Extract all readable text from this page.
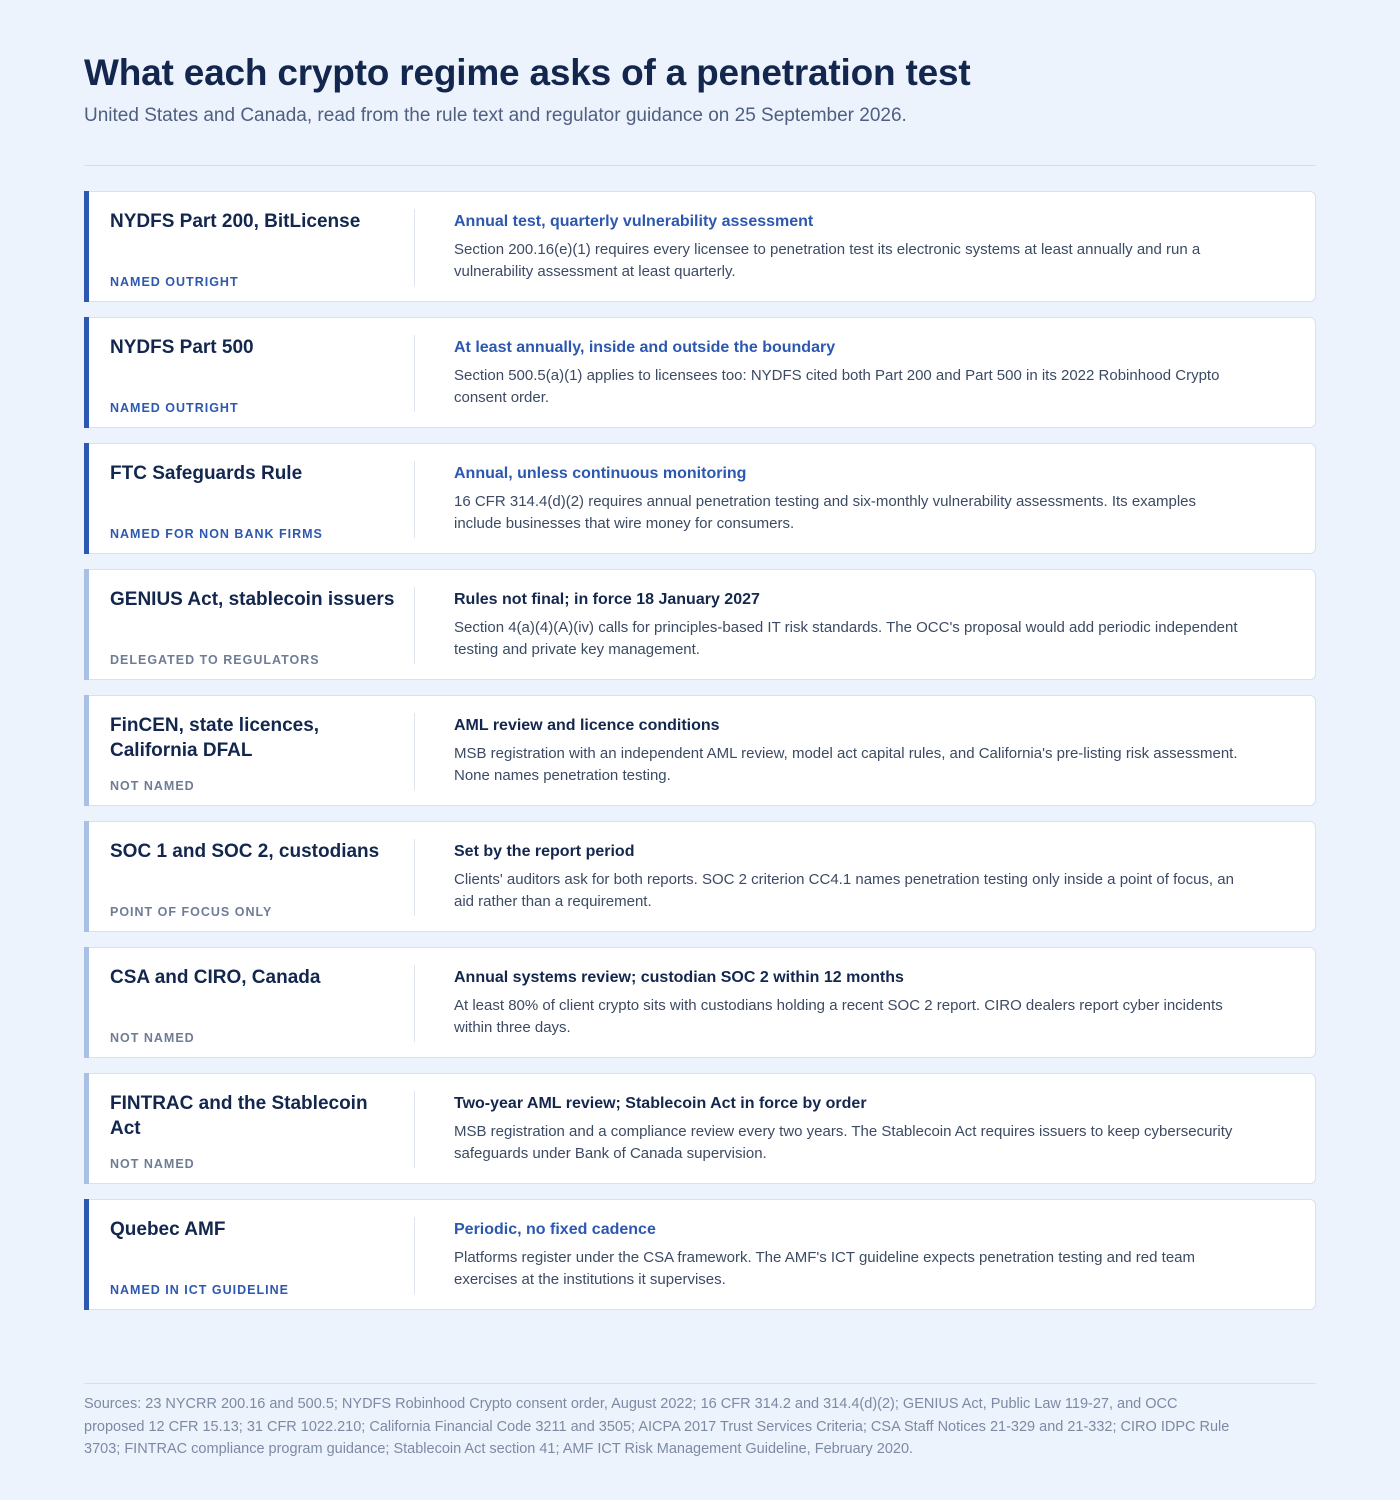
What each crypto regime asks of a penetration test

United States and Canada, read from the rule text and regulator guidance on 25 September 2026.

NYDFS Part 200, BitLicense
NAMED OUTRIGHT
Annual test, quarterly vulnerability assessment
Section 200.16(e)(1) requires every licensee to penetration test its electronic systems at least annually and run a vulnerability assessment at least quarterly.
NYDFS Part 500
NAMED OUTRIGHT
At least annually, inside and outside the boundary
Section 500.5(a)(1) applies to licensees too: NYDFS cited both Part 200 and Part 500 in its 2022 Robinhood Crypto consent order.
FTC Safeguards Rule
NAMED FOR NON BANK FIRMS
Annual, unless continuous monitoring
16 CFR 314.4(d)(2) requires annual penetration testing and six-monthly vulnerability assessments. Its examples include businesses that wire money for consumers.
GENIUS Act, stablecoin issuers
DELEGATED TO REGULATORS
Rules not final; in force 18 January 2027
Section 4(a)(4)(A)(iv) calls for principles-based IT risk standards. The OCC's proposal would add periodic independent testing and private key management.
FinCEN, state licences, California DFAL
NOT NAMED
AML review and licence conditions
MSB registration with an independent AML review, model act capital rules, and California's pre-listing risk assessment. None names penetration testing.
SOC 1 and SOC 2, custodians
POINT OF FOCUS ONLY
Set by the report period
Clients' auditors ask for both reports. SOC 2 criterion CC4.1 names penetration testing only inside a point of focus, an aid rather than a requirement.
CSA and CIRO, Canada
NOT NAMED
Annual systems review; custodian SOC 2 within 12 months
At least 80% of client crypto sits with custodians holding a recent SOC 2 report. CIRO dealers report cyber incidents within three days.
FINTRAC and the Stablecoin Act
NOT NAMED
Two-year AML review; Stablecoin Act in force by order
MSB registration and a compliance review every two years. The Stablecoin Act requires issuers to keep cybersecurity safeguards under Bank of Canada supervision.
Quebec AMF
NAMED IN ICT GUIDELINE
Periodic, no fixed cadence
Platforms register under the CSA framework. The AMF's ICT guideline expects penetration testing and red team exercises at the institutions it supervises.

Sources: 23 NYCRR 200.16 and 500.5; NYDFS Robinhood Crypto consent order, August 2022; 16 CFR 314.2 and 314.4(d)(2); GENIUS Act, Public Law 119-27, and OCC proposed 12 CFR 15.13; 31 CFR 1022.210; California Financial Code 3211 and 3505; AICPA 2017 Trust Services Criteria; CSA Staff Notices 21-329 and 21-332; CIRO IDPC Rule 3703; FINTRAC compliance program guidance; Stablecoin Act section 41; AMF ICT Risk Management Guideline, February 2020.
